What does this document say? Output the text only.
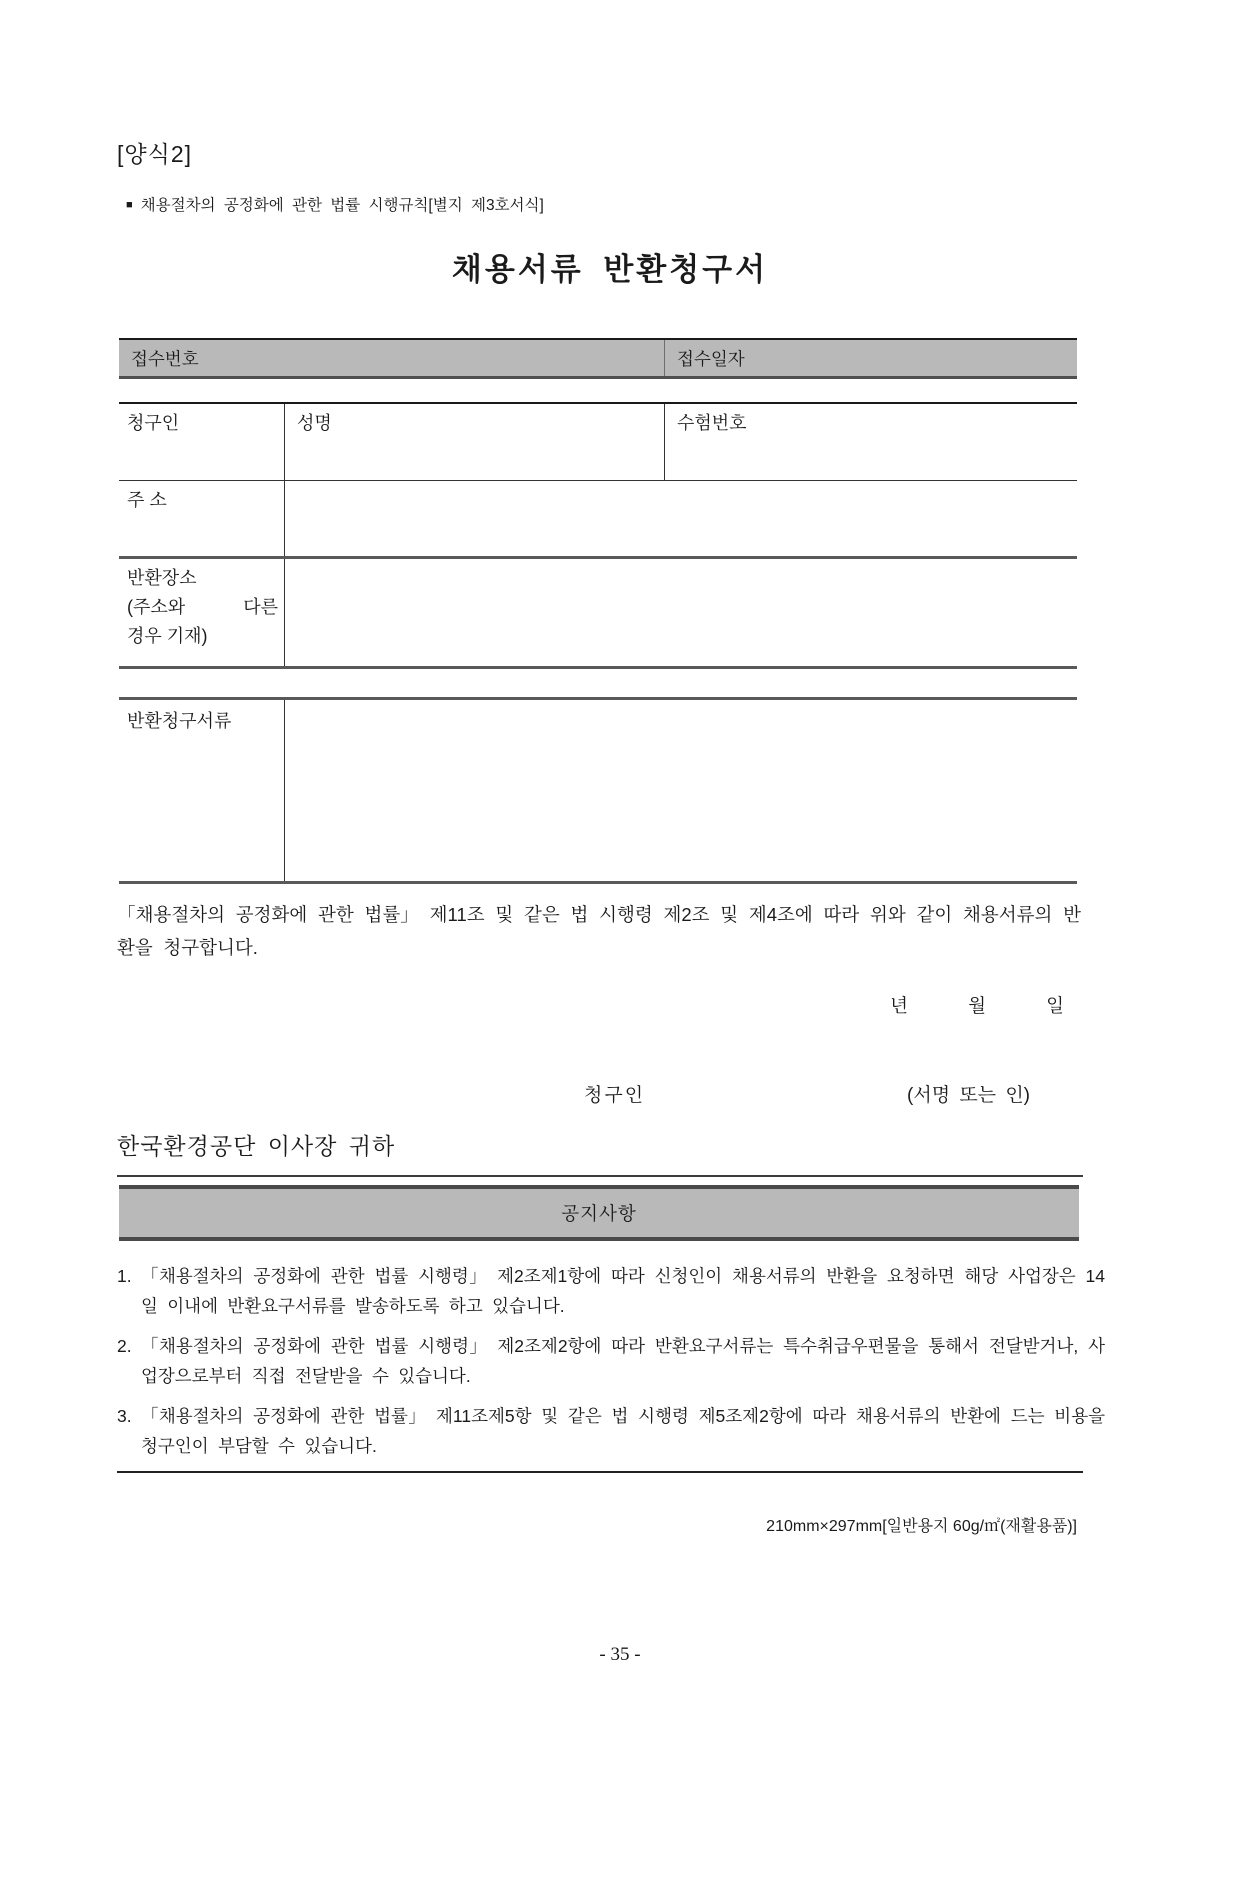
[양식2]
■ 채용절차의 공정화에 관한 법률 시행규칙[별지 제3호서식]
채용서류 반환청구서
접수번호	접수일자
청구인	성명	수험번호
주 소
반환장소
(주소와 다른
경우 기재)
반환청구서류
「채용절차의 공정화에 관한 법률」 제11조 및 같은 법 시행령 제2조 및 제4조에 따라 위와 같이 채용서류의 반환을 청구합니다.
년	월	일
청구인	(서명 또는 인)
한국환경공단 이사장 귀하
공지사항
1. 「채용절차의 공정화에 관한 법률 시행령」 제2조제1항에 따라 신청인이 채용서류의 반환을 요청하면 해당 사업장은 14일 이내에 반환요구서류를 발송하도록 하고 있습니다.
2. 「채용절차의 공정화에 관한 법률 시행령」 제2조제2항에 따라 반환요구서류는 특수취급우편물을 통해서 전달받거나, 사업장으로부터 직접 전달받을 수 있습니다.
3. 「채용절차의 공정화에 관한 법률」 제11조제5항 및 같은 법 시행령 제5조제2항에 따라 채용서류의 반환에 드는 비용을 청구인이 부담할 수 있습니다.
210mm×297mm[일반용지 60g/㎡(재활용품)]
- 35 -
